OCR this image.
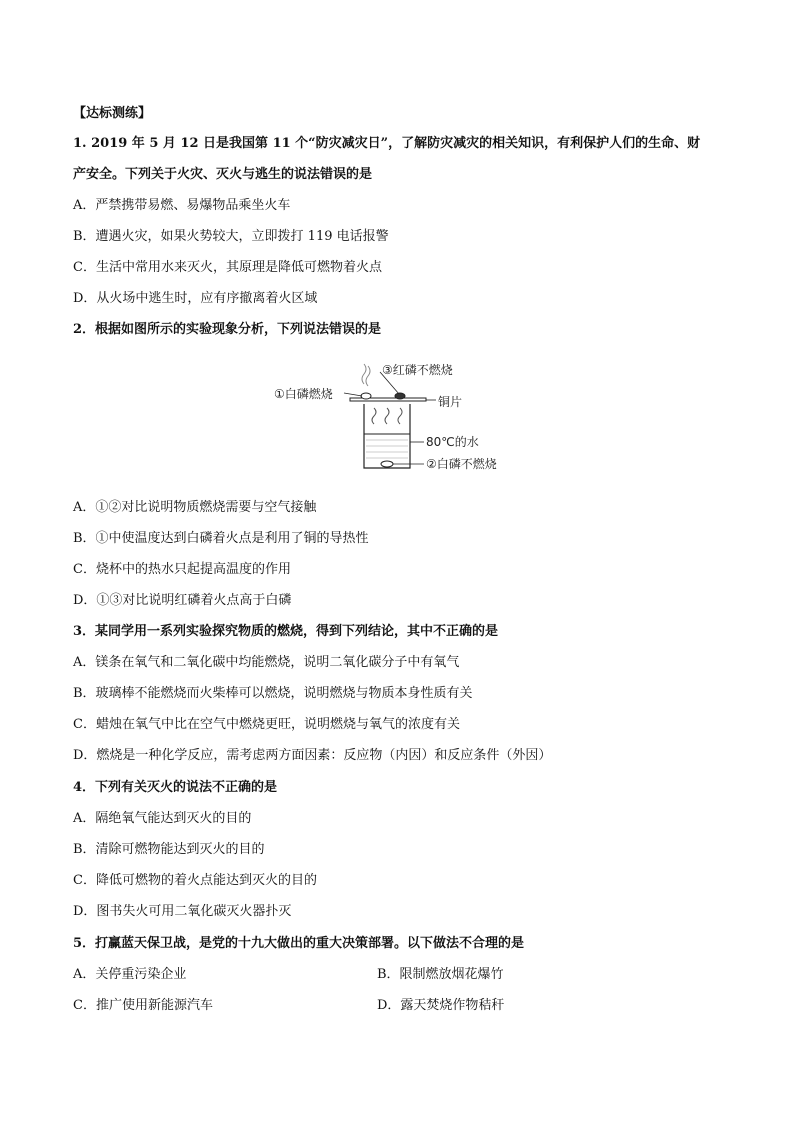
【达标测练】
1. 2019 年 5 月 12 日是我国第 11 个“防灾减灾日”，了解防灾减灾的相关知识，有利保护人们的生命、财
产安全。下列关于火灾、灭火与逃生的说法错误的是
A．严禁携带易燃、易爆物品乘坐火车
B．遭遇火灾，如果火势较大，立即拨打 119 电话报警
C．生活中常用水来灭火，其原理是降低可燃物着火点
D．从火场中逃生时，应有序撤离着火区域
2．根据如图所示的实验现象分析，下列说法错误的是
③红磷不燃烧
①白磷燃烧
铜片
80℃的水
②白磷不燃烧
A．①②对比说明物质燃烧需要与空气接触
B．①中使温度达到白磷着火点是利用了铜的导热性
C．烧杯中的热水只起提高温度的作用
D．①③对比说明红磷着火点高于白磷
3．某同学用一系列实验探究物质的燃烧，得到下列结论，其中不正确的是
A．镁条在氧气和二氧化碳中均能燃烧，说明二氧化碳分子中有氧气
B．玻璃棒不能燃烧而火柴棒可以燃烧，说明燃烧与物质本身性质有关
C．蜡烛在氧气中比在空气中燃烧更旺，说明燃烧与氧气的浓度有关
D．燃烧是一种化学反应，需考虑两方面因素：反应物（内因）和反应条件（外因）
4．下列有关灭火的说法不正确的是
A．隔绝氧气能达到灭火的目的
B．清除可燃物能达到灭火的目的
C．降低可燃物的着火点能达到灭火的目的
D．图书失火可用二氧化碳灭火器扑灭
5．打赢蓝天保卫战，是党的十九大做出的重大决策部署。以下做法不合理的是
A．关停重污染企业	B．限制燃放烟花爆竹
C．推广使用新能源汽车	D．露天焚烧作物秸秆
